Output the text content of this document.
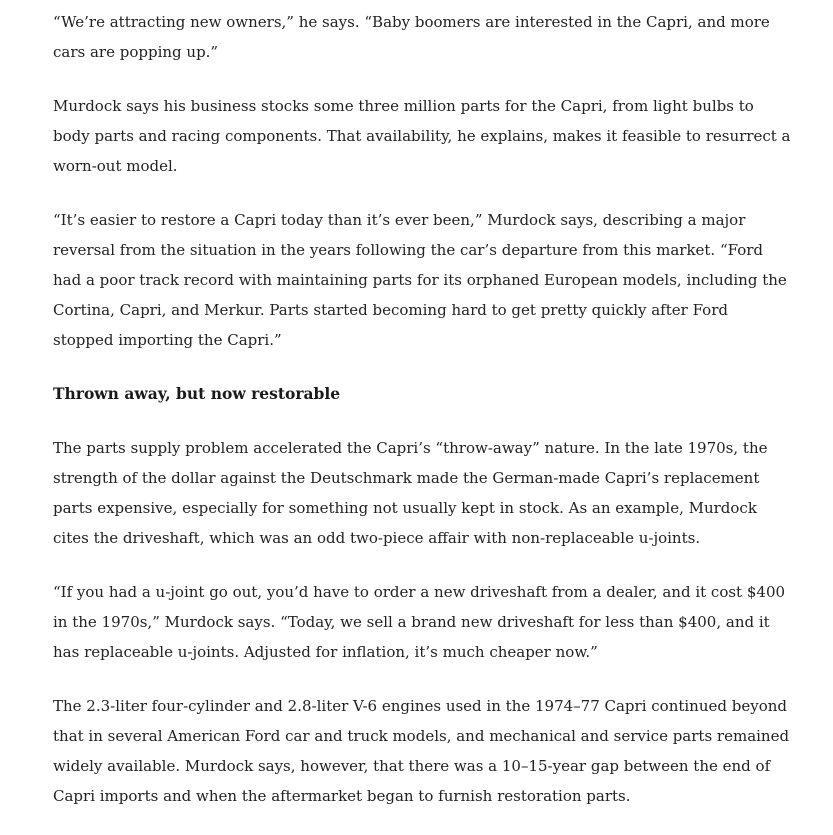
“We’re attracting new owners,” he says. “Baby boomers are interested in the Capri, and more cars are popping up.”

Murdock says his business stocks some three million parts for the Capri, from light bulbs to body parts and racing components. That availability, he explains, makes it feasible to resurrect a worn-out model.

“It’s easier to restore a Capri today than it’s ever been,” Murdock says, describing a major reversal from the situation in the years following the car’s departure from this market. “Ford had a poor track record with maintaining parts for its orphaned European models, including the Cortina, Capri, and Merkur. Parts started becoming hard to get pretty quickly after Ford stopped importing the Capri.”

Thrown away, but now restorable

The parts supply problem accelerated the Capri’s “throw-away” nature. In the late 1970s, the strength of the dollar against the Deutschmark made the German-made Capri’s replacement parts expensive, especially for something not usually kept in stock. As an example, Murdock cites the driveshaft, which was an odd two-piece affair with non-replaceable u-joints.

“If you had a u-joint go out, you’d have to order a new driveshaft from a dealer, and it cost $400 in the 1970s,” Murdock says. “Today, we sell a brand new driveshaft for less than $400, and it has replaceable u-joints. Adjusted for inflation, it’s much cheaper now.”

The 2.3-liter four-cylinder and 2.8-liter V-6 engines used in the 1974–77 Capri continued beyond that in several American Ford car and truck models, and mechanical and service parts remained widely available. Murdock says, however, that there was a 10–15-year gap between the end of Capri imports and when the aftermarket began to furnish restoration parts.
